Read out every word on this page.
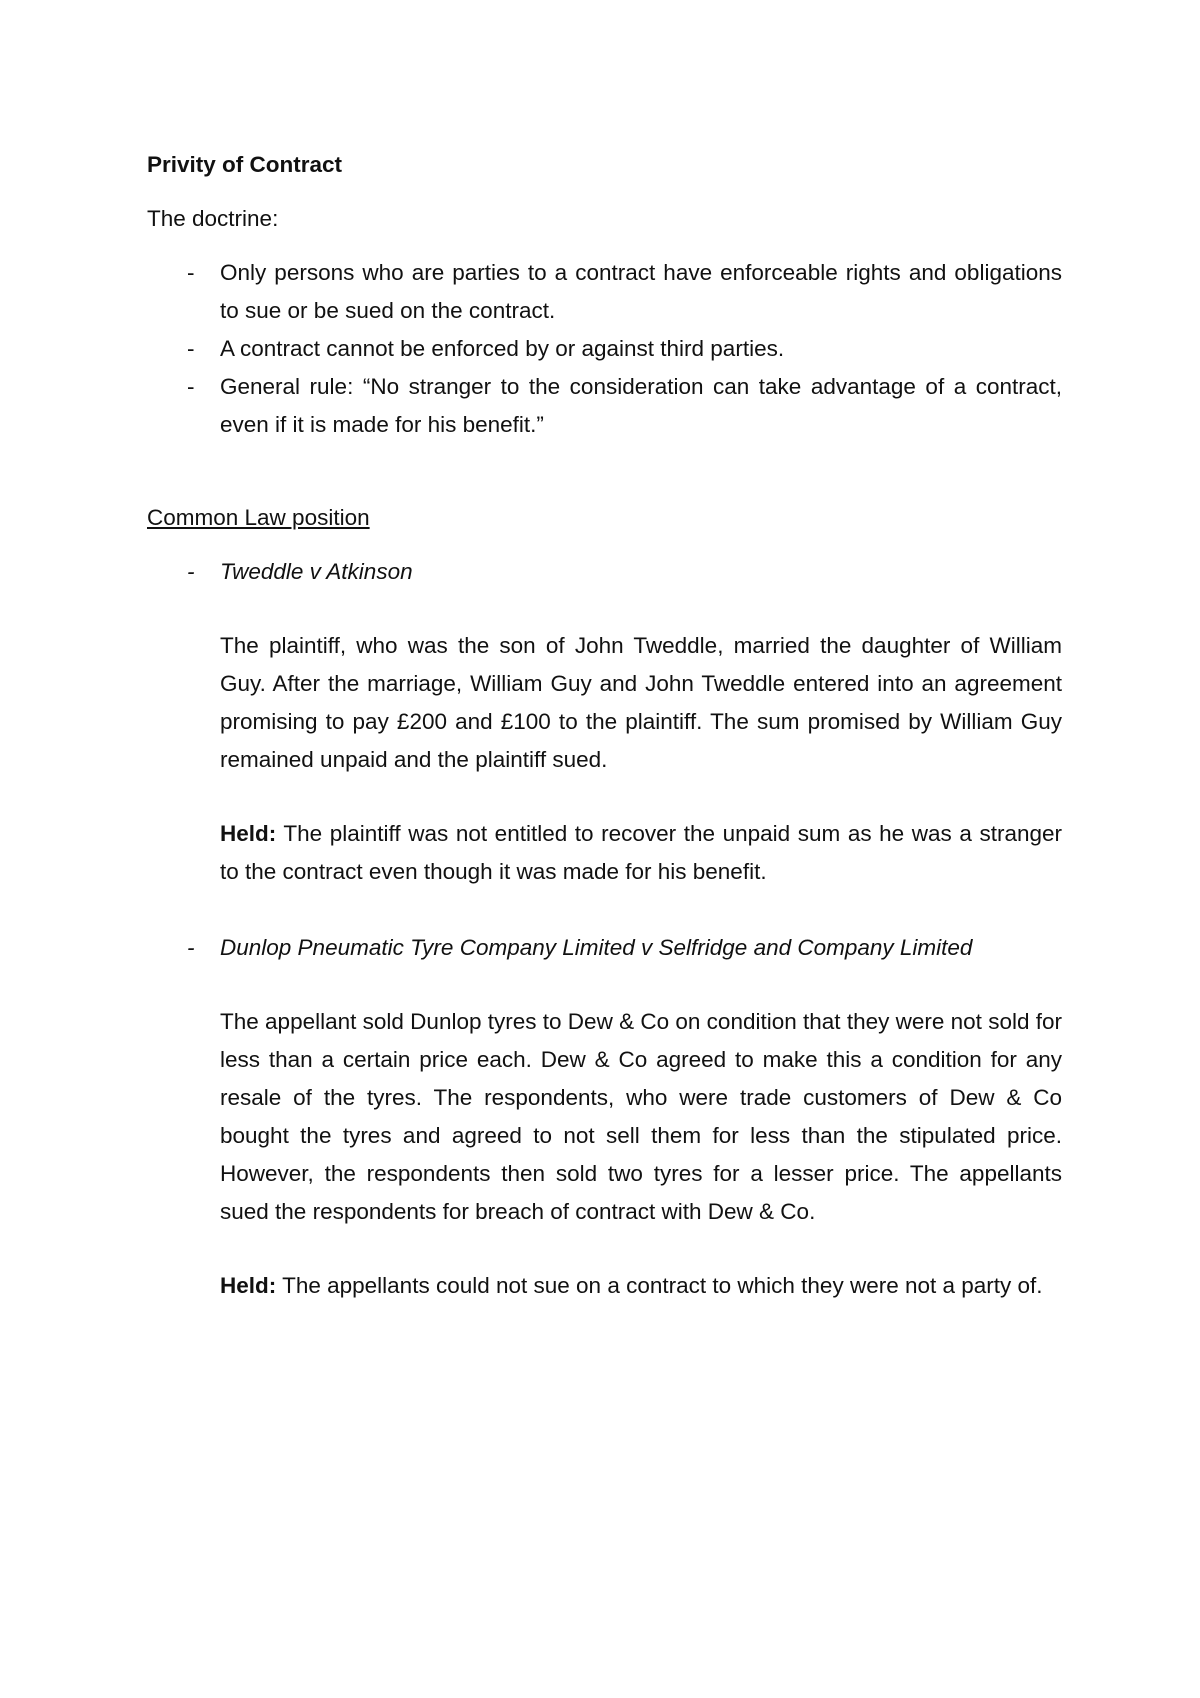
Privity of Contract
The doctrine:
- Only persons who are parties to a contract have enforceable rights and obligations to sue or be sued on the contract.
- A contract cannot be enforced by or against third parties.
- General rule: “No stranger to the consideration can take advantage of a contract, even if it is made for his benefit.”
Common Law position
- Tweddle v Atkinson
The plaintiff, who was the son of John Tweddle, married the daughter of William Guy. After the marriage, William Guy and John Tweddle entered into an agreement promising to pay £200 and £100 to the plaintiff. The sum promised by William Guy remained unpaid and the plaintiff sued.
Held: The plaintiff was not entitled to recover the unpaid sum as he was a stranger to the contract even though it was made for his benefit.
- Dunlop Pneumatic Tyre Company Limited v Selfridge and Company Limited
The appellant sold Dunlop tyres to Dew & Co on condition that they were not sold for less than a certain price each. Dew & Co agreed to make this a condition for any resale of the tyres. The respondents, who were trade customers of Dew & Co bought the tyres and agreed to not sell them for less than the stipulated price. However, the respondents then sold two tyres for a lesser price. The appellants sued the respondents for breach of contract with Dew & Co.
Held: The appellants could not sue on a contract to which they were not a party of.
